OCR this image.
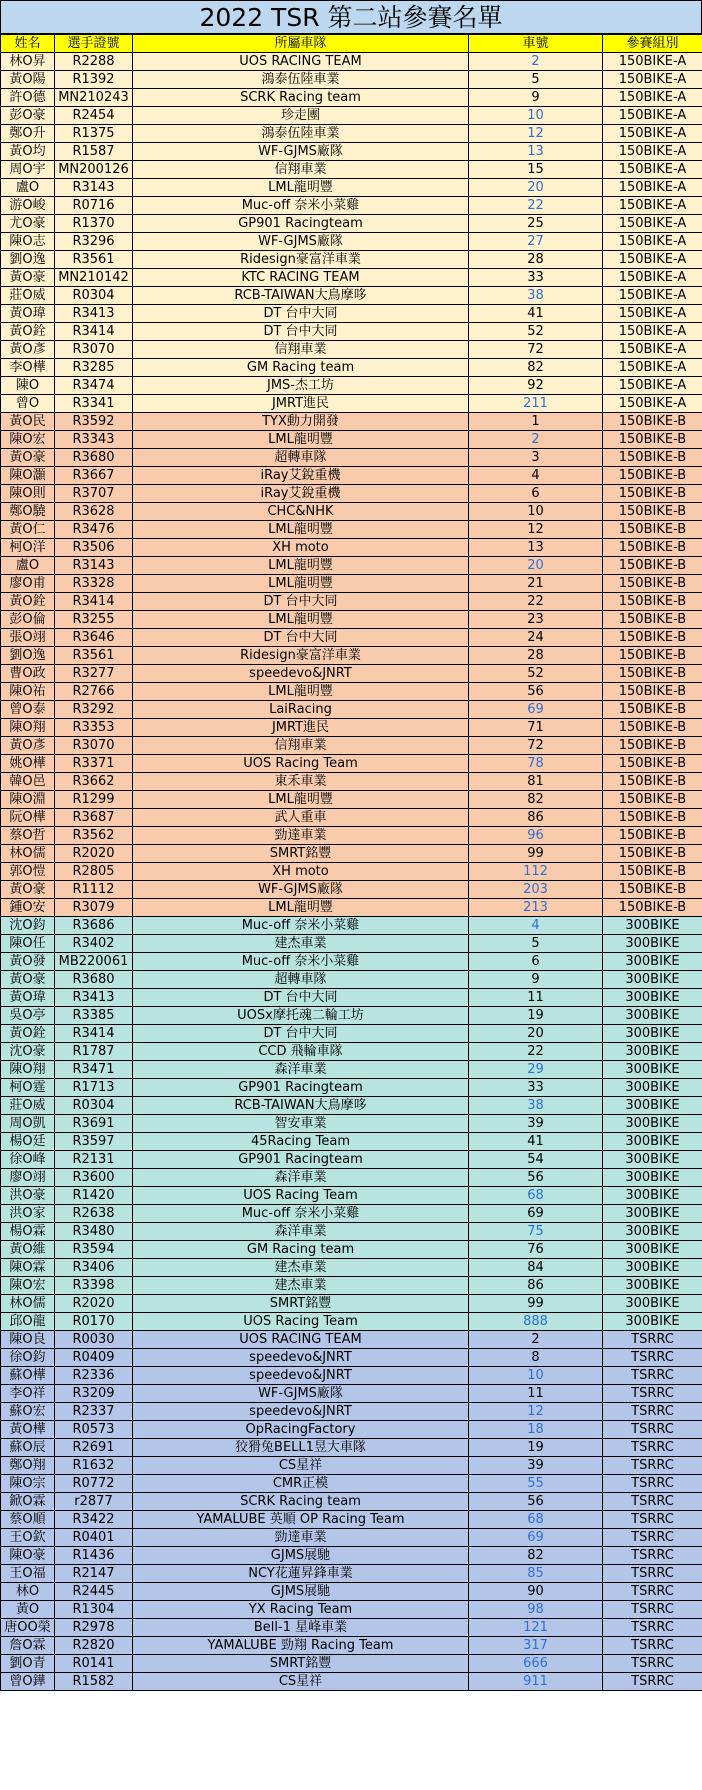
2022 TSR 第二站參賽名單
姓名	選手證號	所屬車隊	車號	參賽組別
林O昇	R2288	UOS RACING TEAM	2	150BIKE-A
黃O陽	R1392	鴻泰伍陸車業	5	150BIKE-A
許O德	MN210243	SCRK Racing team	9	150BIKE-A
彭O豪	R2454	珍走團	10	150BIKE-A
鄭O升	R1375	鴻泰伍陸車業	12	150BIKE-A
黃O均	R1587	WF-GJMS廠隊	13	150BIKE-A
周O宇	MN200126	信翔車業	15	150BIKE-A
盧O	R3143	LML龍明豐	20	150BIKE-A
游O峻	R0716	Muc-off 奈米小菜雞	22	150BIKE-A
尤O豪	R1370	GP901 Racingteam	25	150BIKE-A
陳O志	R3296	WF-GJMS廠隊	27	150BIKE-A
劉O逸	R3561	Ridesign豪富洋車業	28	150BIKE-A
黃O豪	MN210142	KTC RACING TEAM	33	150BIKE-A
莊O威	R0304	RCB-TAIWAN大鳥摩哆	38	150BIKE-A
黃O瑋	R3413	DT 台中大同	41	150BIKE-A
黃O銓	R3414	DT 台中大同	52	150BIKE-A
黃O彥	R3070	信翔車業	72	150BIKE-A
李O樺	R3285	GM Racing team	82	150BIKE-A
陳O	R3474	JMS-杰工坊	92	150BIKE-A
曾O	R3341	JMRT進民	211	150BIKE-A
黃O民	R3592	TYX動力開發	1	150BIKE-B
陳O宏	R3343	LML龍明豐	2	150BIKE-B
黃O豪	R3680	超轉車隊	3	150BIKE-B
陳O灝	R3667	iRay艾銳重機	4	150BIKE-B
陳O則	R3707	iRay艾銳重機	6	150BIKE-B
鄭O驍	R3628	CHC&NHK	10	150BIKE-B
黃O仁	R3476	LML龍明豐	12	150BIKE-B
柯O洋	R3506	XH moto	13	150BIKE-B
盧O	R3143	LML龍明豐	20	150BIKE-B
廖O甫	R3328	LML龍明豐	21	150BIKE-B
黃O銓	R3414	DT 台中大同	22	150BIKE-B
彭O倫	R3255	LML龍明豐	23	150BIKE-B
張O翊	R3646	DT 台中大同	24	150BIKE-B
劉O逸	R3561	Ridesign豪富洋車業	28	150BIKE-B
曹O政	R3277	speedevo&JNRT	52	150BIKE-B
陳O祐	R2766	LML龍明豐	56	150BIKE-B
曾O泰	R3292	LaiRacing	69	150BIKE-B
陳O翔	R3353	JMRT進民	71	150BIKE-B
黃O彥	R3070	信翔車業	72	150BIKE-B
姚O樺	R3371	UOS Racing Team	78	150BIKE-B
韓O邑	R3662	東禾車業	81	150BIKE-B
陳O淵	R1299	LML龍明豐	82	150BIKE-B
阮O樺	R3687	武人重車	86	150BIKE-B
蔡O哲	R3562	勁達車業	96	150BIKE-B
林O儒	R2020	SMRT銘豐	99	150BIKE-B
郭O愷	R2805	XH moto	112	150BIKE-B
黃O豪	R1112	WF-GJMS廠隊	203	150BIKE-B
鍾O安	R3079	LML龍明豐	213	150BIKE-B
沈O鈞	R3686	Muc-off 奈米小菜雞	4	300BIKE
陳O任	R3402	建杰車業	5	300BIKE
黃O發	MB220061	Muc-off 奈米小菜雞	6	300BIKE
黃O豪	R3680	超轉車隊	9	300BIKE
黃O瑋	R3413	DT 台中大同	11	300BIKE
吳O亭	R3385	UOSx摩托魂二輪工坊	19	300BIKE
黃O銓	R3414	DT 台中大同	20	300BIKE
沈O豪	R1787	CCD 飛輪車隊	22	300BIKE
陳O翔	R3471	森洋車業	29	300BIKE
柯O霆	R1713	GP901 Racingteam	33	300BIKE
莊O威	R0304	RCB-TAIWAN大鳥摩哆	38	300BIKE
周O凱	R3691	智安車業	39	300BIKE
楊O廷	R3597	45Racing Team	41	300BIKE
徐O峰	R2131	GP901 Racingteam	54	300BIKE
廖O翊	R3600	森洋車業	56	300BIKE
洪O豪	R1420	UOS Racing Team	68	300BIKE
洪O家	R2638	Muc-off 奈米小菜雞	69	300BIKE
楊O霖	R3480	森洋車業	75	300BIKE
黃O維	R3594	GM Racing team	76	300BIKE
陳O霖	R3406	建杰車業	84	300BIKE
陳O宏	R3398	建杰車業	86	300BIKE
林O儒	R2020	SMRT銘豐	99	300BIKE
邱O龍	R0170	UOS Racing Team	888	300BIKE
陳O良	R0030	UOS RACING TEAM	2	TSRRC
徐O鈞	R0409	speedevo&JNRT	8	TSRRC
蘇O樺	R2336	speedevo&JNRT	10	TSRRC
李O祥	R3209	WF-GJMS廠隊	11	TSRRC
蘇O宏	R2337	speedevo&JNRT	12	TSRRC
黃O樺	R0573	OpRacingFactory	18	TSRRC
蘇O辰	R2691	狡猾兔BELL1昱大車隊	19	TSRRC
鄭O翔	R1632	CS星祥	39	TSRRC
陳O宗	R0772	CMR正模	55	TSRRC
鍁O霖	r2877	SCRK Racing team	56	TSRRC
蔡O順	R3422	YAMALUBE 英順 OP Racing Team	68	TSRRC
王O欽	R0401	勁達車業	69	TSRRC
陳O豪	R1436	GJMS展馳	82	TSRRC
王O福	R2147	NCY花蓮昇鋒車業	85	TSRRC
林O	R2445	GJMS展馳	90	TSRRC
黃O	R1304	YX Racing Team	98	TSRRC
唐OO榮	R2978	Bell-1 星峰車業	121	TSRRC
詹O霖	R2820	YAMALUBE 勁翔 Racing Team	317	TSRRC
劉O青	R0141	SMRT銘豐	666	TSRRC
曾O鏵	R1582	CS星祥	911	TSRRC
